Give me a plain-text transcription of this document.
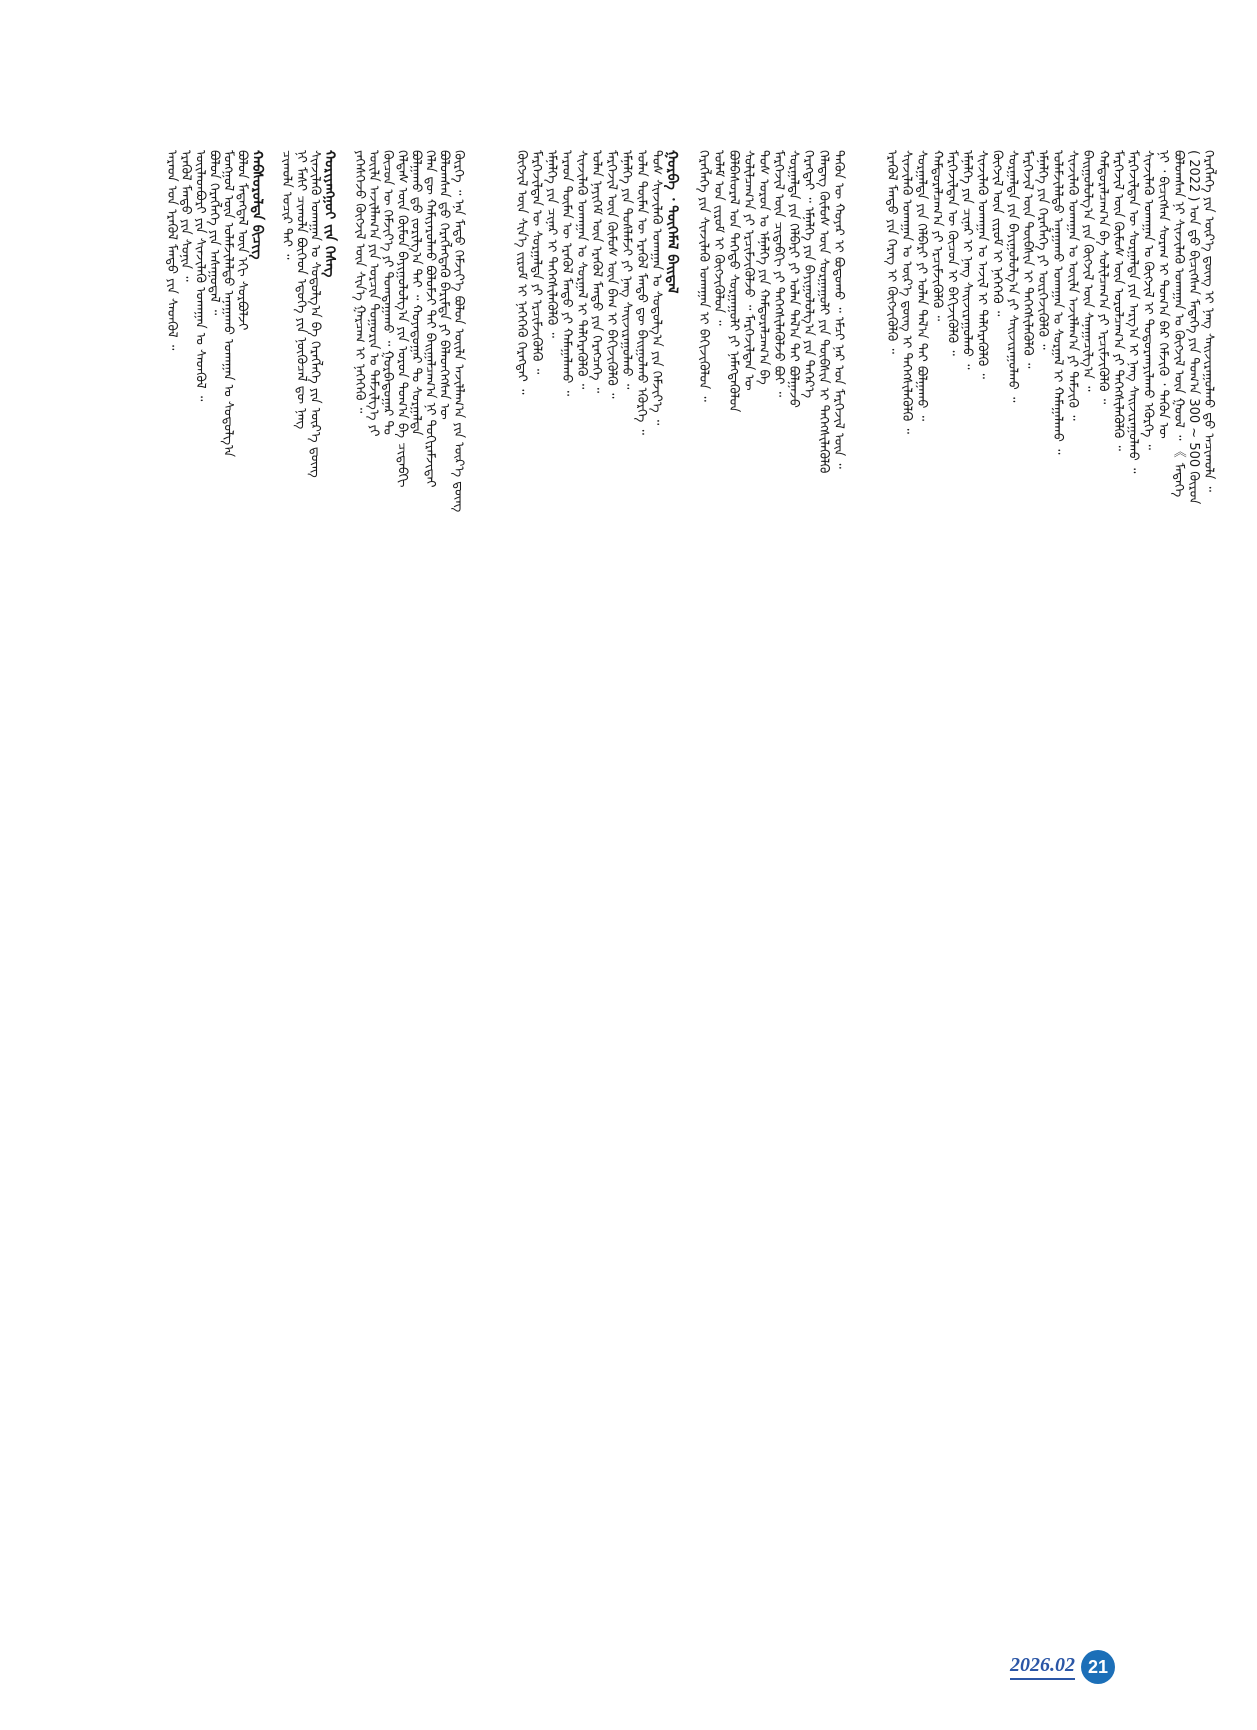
ᠬᠡᠷᠡᠭᠯᠡᠭᠡ ᠶᠢᠨ ᠦᠷ᠎ᠡ ᠳ᠋ᠦᠩ ᠢ ᠨᠡᠩ ᠰᠠᠢᠵᠢᠷᠠᠭᠤᠯᠬᠤ ᠳ᠋ᠤ ᠠᠴᠢᠬᠤᠯᠠ ᠃
( 2022 ) ᠣᠨ ᠳ᠋ᠤ ᠪᠢᠴᠢᠭᠰᠡᠨ ᠮᠡᠳᠡᠭᠡ ᠶᠢᠨ ᠲᠣᠭ᠎ᠠ 300 ~ 500 ᠬᠦᠷᠦᠨ
ᠪᠣᠯᠤᠭᠰᠠᠨ ᠨᠢ ᠰᠢᠨᠵᠢᠯᠡᠬᠦ ᠤᠬᠠᠭᠠᠨ ᠤ ᠬᠥᠭᠵᠢᠯ ᠦᠨ ᠭᠤᠤᠯ ᠃ 《 ᠮᠡᠳᠡᠭᠡ
ᠨᠢ ᠂ ᠪᠢᠴᠢᠭᠰᠡᠨ ᠰᠤᠷᠠᠭ ᠢ ᠲᠣᠭ᠎ᠠ ᠪᠠᠷ ᠬᠡᠮᠵᠢᠬᠦ ᠂ ᠲᠡᠭᠦᠨ ᠦ
ᠰᠢᠨᠵᠢᠯᠡᠬᠦ ᠤᠬᠠᠭᠠᠨ ᠤ ᠬᠥᠭᠵᠢᠯ ᠢ ᠲᠣᠳᠣᠷᠬᠠᠶᠢᠯᠠᠬᠤ ᠡᠭᠦᠷᠭᠡ ᠃
ᠮᠡᠷᠭᠡᠵᠢᠯᠲᠡᠨ ᠦ ᠰᠤᠷᠭᠠᠯᠳᠠ ᠶᠢᠨ ᠠᠷᠭ᠎ᠠ ᠢ ᠨᠡᠩ ᠰᠠᠢᠵᠢᠷᠠᠭᠤᠯᠬᠤ ᠃
ᠮᠡᠷᠭᠡᠵᠢᠯ ᠦᠨ ᠬᠦᠮᠦᠰ ᠦᠨ ᠣᠷᠣᠯᠴᠠᠭ᠎ᠠ ᠶᠢ ᠳᠡᠭᠡᠭᠰᠢᠯᠡᠭᠦᠯᠬᠦ ᠃
ᠬᠠᠮᠲᠤᠷᠠᠯᠴᠠᠭ᠎ᠠ ᠪᠠ ᠰᠤᠯᠢᠯᠴᠠᠭ᠎ᠠ ᠶᠢ ᠡᠷᠴᠢᠮᠵᠢᠭᠦᠯᠬᠦ ᠃
ᠪᠠᠢᠭᠤᠯᠤᠯᠭ᠎ᠠ ᠶᠢᠨ ᠬᠥᠭᠵᠢᠯ ᠦᠨ ᠰᠠᠨᠠᠭᠠᠴᠢᠯᠭ᠎ᠠ ᠃
ᠰᠢᠨᠵᠢᠯᠡᠬᠦ ᠤᠬᠠᠭᠠᠨ ᠤ ᠦᠢᠯᠡ ᠠᠵᠢᠯᠯᠠᠭ᠎ᠠ ᠶᠢ ᠳᠡᠮᠵᠢᠬᠦ ᠃
ᠤᠯᠠᠮᠵᠢᠯᠠᠯᠲᠤ ᠠᠨᠠᠭᠠᠬᠤ ᠤᠬᠠᠭᠠᠨ ᠤ ᠰᠤᠷᠭᠠᠯ ᠢ ᠬᠠᠮᠠᠭᠠᠯᠠᠬᠤ ᠃
ᠡᠮᠨᠡᠯᠭᠡ ᠶᠢᠨ ᠬᠡᠷᠡᠭᠯᠡᠭᠡ ᠶᠢ ᠥᠷᠭᠡᠵᠢᠭᠦᠯᠬᠦ ᠃
ᠮᠡᠷᠭᠡᠵᠢᠯ ᠦᠨ ᠲᠦᠪᠰᠢᠨ ᠢ ᠳᠡᠭᠡᠭᠰᠢᠯᠡᠭᠦᠯᠬᠦ ᠃
ᠰᠤᠷᠭᠠᠯᠳᠠ ᠶᠢᠨ ᠪᠠᠶᠢᠭᠤᠯᠤᠯᠭ᠎ᠠ ᠶᠢ ᠰᠠᠢᠵᠢᠷᠠᠭᠤᠯᠬᠤ ᠃
ᠬᠥᠭᠵᠢᠯ ᠦᠨ ᠵᠢᠷᠤᠮ ᠢ ᠨᠡᠭᠡᠭᠡᠬᠦ ᠃
ᠰᠢᠨᠵᠢᠯᠡᠬᠦ ᠤᠬᠠᠭᠠᠨ ᠤ ᠠᠵᠢᠯ ᠢ ᠳᠡᠯᠭᠡᠷᠡᠭᠦᠯᠬᠦ ᠃
ᠡᠮᠨᠡᠯᠭᠡ ᠶᠢᠨ ᠴᠢᠨᠠᠷ ᠢ ᠨᠡᠩ ᠰᠠᠢᠵᠢᠷᠠᠭᠤᠯᠬᠤ ᠃
ᠮᠡᠷᠭᠡᠵᠢᠯᠲᠡᠨ ᠦ ᠬᠦᠴᠦᠨ ᠢ ᠪᠡᠬᠢᠵᠢᠭᠦᠯᠬᠦ ᠃
ᠬᠠᠮᠲᠤᠷᠠᠯᠴᠠᠭ᠎ᠠ ᠶᠢ ᠡᠷᠴᠢᠮᠵᠢᠭᠦᠯᠬᠦ ᠃
ᠰᠤᠷᠭᠠᠯᠳᠠ ᠶᠢᠨ ᠬᠡᠯᠪᠡᠷᠢ ᠶᠢ ᠣᠯᠠᠨ ᠲᠠᠯ᠎ᠠ ᠲᠠᠢ ᠪᠣᠯᠭᠠᠬᠤ ᠃
ᠰᠢᠨᠵᠢᠯᠡᠬᠦ ᠤᠬᠠᠭᠠᠨ ᠤ ᠦᠷ᠎ᠡ ᠳ᠋ᠦᠩ ᠢ ᠳᠡᠭᠡᠭᠰᠢᠯᠡᠭᠦᠯᠬᠦ ᠃
ᠡᠷᠡᠭᠦᠯ ᠮᠡᠨᠳᠦ ᠶᠢᠨ ᠬᠡᠷᠡᠭ ᠢ ᠬᠥᠭᠵᠢᠭᠦᠯᠬᠦ ᠃
ᠲᠡᠭᠦᠨ ᠦ ᠬᠣᠶᠠᠷ ᠢ ᠪᠣᠳᠤᠬᠤ ᠃ ᠡᠮᠴᠢ ᠨᠠᠷ ᠤᠨ ᠮᠡᠷᠭᠡᠵᠢᠯ ᠦᠨ ᠃
ᠬᠡᠯᠡᠳᠡᠭ ᠬᠦᠮᠦᠰ ᠦᠨ ᠰᠤᠷᠭᠠᠭᠤᠯᠢ ᠶᠢᠨ ᠲᠦᠪᠰᠢᠨ ᠢ ᠳᠡᠭᠡᠭᠰᠢᠯᠡᠭᠦᠯᠬᠦ
ᠬᠡᠷᠡᠭᠲᠡᠢ ᠃ ᠡᠮᠨᠡᠯᠭᠡ ᠶᠢᠨ ᠪᠠᠶᠢᠭᠤᠯᠤᠯᠭ᠎ᠠ ᠶᠢᠨ ᠳᠡᠭᠡᠷ᠎ᠡ
ᠰᠤᠷᠭᠠᠯᠳᠠ ᠶᠢᠨ ᠬᠡᠯᠪᠡᠷᠢ ᠶᠢ ᠣᠯᠠᠨ ᠲᠠᠯ᠎ᠠ ᠲᠠᠢ ᠪᠣᠯᠭᠠᠵᠤ
ᠮᠡᠷᠭᠡᠵᠢᠯ ᠦᠨ ᠴᠢᠳᠠᠪᠬᠢ ᠶᠢ ᠳᠡᠭᠡᠭᠰᠢᠯᠡᠭᠦᠯᠵᠦ ᠪᠤᠢ ᠃
ᠲᠤᠰ ᠣᠷᠣᠨ ᠤ ᠡᠮᠨᠡᠯᠭᠡ ᠶᠢᠨ ᠬᠠᠮᠲᠤᠷᠠᠯᠴᠠᠭ᠎ᠠ ᠪᠠ
ᠰᠤᠯᠢᠯᠴᠠᠭ᠎ᠠ ᠶᠢ ᠡᠷᠴᠢᠮᠵᠢᠭᠦᠯᠵᠦ ᠃ ᠮᠡᠷᠭᠡᠵᠢᠯᠲᠡᠨ ᠦ
ᠪᠣᠯᠪᠠᠰᠤᠷᠠᠯ ᠤᠨ ᠳᠡᠭᠡᠳᠦ ᠰᠤᠷᠭᠠᠭᠤᠯᠢ ᠶᠢ ᠨᠡᠮᠡᠭᠳᠡᠭᠦᠯᠦᠨ
ᠤᠯᠠᠮ ᠤᠨ ᠵᠢᠷᠤᠮ ᠢ ᠬᠥᠭᠵᠢᠭᠦᠯᠦᠨ ᠃
ᠬᠡᠷᠡᠭᠯᠡᠭᠡ ᠶᠢᠨ ᠰᠢᠨᠵᠢᠯᠡᠬᠦ ᠤᠬᠠᠭᠠᠨ ᠢ ᠪᠡᠬᠢᠵᠢᠭᠦᠯᠦᠨ ᠃
ᠭᠤᠷᠪᠠ ᠂ ᠲᠦᠭᠡᠮᠡᠯ ᠪᠠᠢᠳᠠᠯ
ᠲᠤᠰ ᠰᠢᠨᠵᠢᠯᠡᠬᠦ ᠤᠬᠠᠭᠠᠨ ᠤ ᠰᠣᠳᠤᠯᠭ᠎ᠠ ᠶᠢᠨ ᠬᠡᠮᠵᠢᠶ᠎ᠡ ᠃
ᠣᠯᠠᠨ ᠲᠦᠮᠡᠨ ᠦ ᠡᠷᠡᠭᠦᠯ ᠮᠡᠨᠳᠦ ᠳᠦ ᠪᠠᠢᠭᠤᠯᠬᠤ ᠡᠭᠦᠷᠭᠡ ᠃
ᠡᠮᠨᠡᠯᠭᠡ ᠶᠢᠨ ᠲᠤᠰᠯᠠᠮᠵᠢ ᠶᠢ ᠨᠡᠩ ᠰᠠᠢᠵᠢᠷᠠᠭᠤᠯᠬᠤ ᠃
ᠮᠡᠷᠭᠡᠵᠢᠯ ᠦᠨ ᠬᠦᠮᠦᠰ ᠦᠨ ᠪᠠᠭ ᠢ ᠪᠡᠬᠢᠵᠢᠭᠦᠯᠬᠦ ᠃
ᠣᠯᠠᠨ ᠨᠡᠶᠢᠭᠡᠮ ᠦᠨ ᠡᠷᠡᠭᠦᠯ ᠮᠡᠨᠳᠦ ᠶᠢᠨ ᠬᠡᠷᠡᠭᠴᠡᠭᠡ ᠃
ᠰᠢᠨᠵᠢᠯᠡᠬᠦ ᠤᠬᠠᠭᠠᠨ ᠤ ᠰᠤᠷᠭᠠᠯ ᠢ ᠳᠡᠯᠭᠡᠷᠡᠭᠦᠯᠬᠦ ᠃
ᠠᠷᠠᠳ ᠲᠦᠮᠡᠨ ᠦ ᠡᠷᠡᠭᠦᠯ ᠮᠡᠨᠳᠦ ᠶᠢ ᠬᠠᠮᠠᠭᠠᠯᠠᠬᠤ ᠃
ᠡᠮᠨᠡᠯᠭᠡ ᠶᠢᠨ ᠴᠢᠨᠠᠷ ᠢ ᠳᠡᠭᠡᠭᠰᠢᠯᠡᠭᠦᠯᠬᠦ ᠃
ᠮᠡᠷᠭᠡᠵᠢᠯᠲᠡᠨ ᠦ ᠰᠤᠷᠭᠠᠯᠳᠠ ᠶᠢ ᠡᠷᠴᠢᠮᠵᠢᠭᠦᠯᠬᠦ ᠃
ᠬᠥᠭᠵᠢᠯ ᠦᠨ ᠰᠢᠨ᠎ᠡ ᠵᠢᠷᠤᠮ ᠢ ᠨᠡᠭᠡᠭᠡᠬᠦ ᠬᠡᠷᠡᠭᠲᠡᠢ ᠃
ᠬᠦᠷᠬᠡ ᠃ ᠡᠨᠡ ᠮᠡᠲᠦ ᠬᠡᠮᠵᠢᠶ᠎ᠡ ᠪᠣᠯᠤᠨ ᠦᠢᠯᠡ ᠠᠵᠢᠯᠯᠠᠭ᠎ᠠ ᠶᠢᠨ ᠦᠷ᠎ᠡ ᠳ᠋ᠦᠩ
ᠪᠣᠯᠤᠭᠰᠠᠨ ᠳ᠋ᠤ ᠬᠡᠷᠡᠭᠯᠡᠭᠳᠡᠬᠦ ᠪᠠᠷᠢᠮᠲᠠ ᠶᠢ ᠪᠡᠯᠡᠳᠬᠡᠭᠰᠡᠨ ᠦ
ᠬᠡᠯᠡᠨ ᠳᠦ ᠬᠠᠮᠢᠶᠠᠷᠤᠯᠬᠤ ᠪᠣᠯᠤᠮᠵᠢ ᠲᠠᠢ ᠪᠠᠢᠭᠠᠯᠴᠠᠭ᠎ᠠ ᠨᠢ ᠲᠣᠬᠢᠷᠠᠮᠵᠢᠲᠠᠢ
ᠪᠣᠯᠭᠠᠬᠤ ᠳ᠋ᠤ ᠵᠣᠷᠢᠯᠭ᠎ᠠ ᠲᠠᠢ ᠃ ᠬᠣᠶᠠᠳᠤᠭᠠᠷ ᠲᠤ ᠰᠤᠷᠭᠠᠯᠳᠠ
ᠬᠡᠯᠲᠡᠰ ᠦᠨ ᠬᠦᠮᠦᠨ ᠪᠠᠶᠢᠭᠤᠯᠤᠯᠭ᠎ᠠ ᠶᠢᠨ ᠣᠷᠣᠨ ᠲᠣᠭ᠎ᠠ ᠪᠠ ᠴᠢᠳᠠᠪᠬᠢ
ᠬᠦᠴᠦᠨ ᠦ ᠬᠡᠮᠵᠢᠶ᠎ᠡ ᠶᠢ ᠲᠣᠭᠲᠠᠭᠠᠬᠤ ᠃ ᠭᠤᠷᠪᠠᠳᠤᠭᠠᠷ ᠲᠤ
ᠦᠢᠯᠡ ᠠᠵᠢᠯᠯᠠᠭ᠎ᠠ ᠶᠢᠨ ᠣᠷᠴᠢᠨ ᠲᠣᠭᠣᠷᠢᠨ ᠤ ᠳᠡᠮᠵᠢᠯᠭ᠎ᠡ ᠶᠢ
ᠶᠡᠬᠡᠰᠭᠡᠵᠦ ᠬᠥᠭᠵᠢᠯ ᠦᠨ ᠰᠢᠨ᠎ᠡ ᠭᠠᠷᠴᠠᠭ ᠢ ᠨᠡᠭᠡᠭᠡᠬᠦ ᠃
ᠬᠤᠷᠢᠶᠠᠩᠭᠤᠢ ᠵᠢᠨ ᠬᠡᠰᠡᠭ
ᠰᠢᠨᠵᠢᠯᠡᠬᠦ ᠤᠬᠠᠭᠠᠨ ᠤ ᠰᠣᠳᠤᠯᠭ᠎ᠠ ᠪᠠ ᠬᠡᠷᠡᠭᠯᠡᠭᠡ ᠶᠢᠨ ᠦᠷ᠎ᠡ ᠳ᠋ᠦᠩ
ᠨᠢ ᠮᠠᠰᠢ ᠴᠢᠬᠤᠯᠠ ᠪᠥᠭᠡᠳ ᠡᠳᠦᠭᠡ ᠶᠢᠨ ᠨᠥᠬᠦᠴᠡᠯ ᠳᠦ ᠨᠡᠩ
ᠴᠢᠬᠤᠯᠠ ᠤᠴᠢᠷ ᠲᠠᠢ ᠃
ᠬᠠᠪᠰᠤᠷᠤᠯᠲᠠ ᠪᠢᠴᠢᠭ
ᠪᠣᠯᠤᠨ ᠮᠡᠳᠡᠭᠳᠡᠯ ᠦᠨ ᠡᠬᠢ ᠰᠤᠷᠪᠤᠯᠵᠢ
ᠮᠣᠩᠭᠣᠯ ᠦᠨ ᠤᠯᠠᠮᠵᠢᠯᠠᠯᠲᠤ ᠠᠨᠠᠭᠠᠬᠤ ᠤᠬᠠᠭᠠᠨ ᠤ ᠰᠣᠳᠤᠯᠭ᠎ᠠ
ᠪᠣᠯᠤᠨ ᠬᠡᠷᠡᠭᠯᠡᠭᠡ ᠶᠢᠨ ᠠᠰᠠᠭᠤᠳᠠᠯ ᠃
ᠦᠢᠯᠡᠳᠪᠦᠷᠢ ᠶᠢᠨ ᠰᠢᠨᠵᠢᠯᠡᠬᠦ ᠤᠬᠠᠭᠠᠨ ᠤ ᠰᠡᠳᠭᠦᠯ ᠃
ᠡᠷᠡᠭᠦᠯ ᠮᠡᠨᠳᠦ ᠶᠢᠨ ᠰᠣᠨᠢᠨ ᠃
ᠠᠷᠠᠳ ᠤᠨ ᠡᠷᠡᠭᠦᠯ ᠮᠡᠨᠳᠦ ᠶᠢᠨ ᠰᠡᠳᠭᠦᠯ ᠃
2026.02 21
